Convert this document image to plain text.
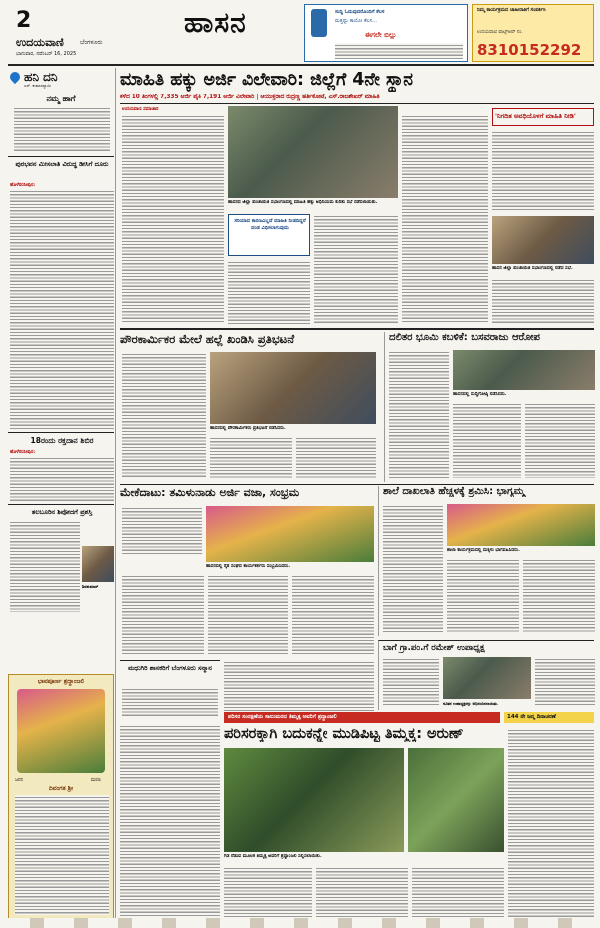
2
ಉದಯವಾಣಿ	ಬೆಂಗಳೂರು
ಭಾನುವಾರ, ನವೆಂಬರ್ 16, 2025
ಹಾಸನ	ಸುದ್ದಿ ಓದುವುದರೊಂದಿಗೆ ಕೆಲಸ
ಮತ್ತಷ್ಟು ಕಾಯೋ ಕೆಲಸ...
ಈಗಲೇ ಬಿಲ್ಲು
ನಿಮ್ಮ ಕಾರ್ಯಕ್ರಮದ ಜಾಹೀರಾತಿಗೆ ಸಂಪರ್ಕಿಸಿ
ಉದಯವಾಣಿ ವಾಟ್ಸ್ಆಪ್ ನಂ.
8310152292
ಹನಿ ದನಿ
ಎಸ್. ಕುಮಾರಸ್ವಾಮಿ
ನಮ್ಮ ಹಾಗೆ
ಪುರಭವನ ಮೀಸಲಾತಿ ವಿರುದ್ಧ ಡೀಸಿಗೆ ದೂರು
ಹೊಳೆನರಸೀಪುರ:
18ರಂದು ರಕ್ತದಾನ ಶಿಬಿರ
ಹೊಳೆನರಸೀಪುರ:
ತಲಬೂರಿನ ಶಿವೋದಗೆ ಪ್ರಶಸ್ತಿ
ಶಿವಕುಮಾರ್
ಭಾವಪೂರ್ಣ ಶ್ರದ್ಧಾಂಜಲಿ
ಜನನ	ಮರಣ
ದಿವಂಗತ ಶ್ರೀ
ಮಾಹಿತಿ ಹಕ್ಕು ಅರ್ಜಿ ವಿಲೇವಾರಿ: ಜಿಲ್ಲೆಗೆ 4ನೇ ಸ್ಥಾನ
ಕಳೆದ 10 ತಿಂಗಳಲ್ಲಿ 7,335 ಅರ್ಜಿ ಪೈಕಿ 7,191 ಅರ್ಜಿ ವಿಲೇವಾರಿ | ಆಯುಕ್ತರಾದ ರುದ್ರಣ್ಣ ಹರ್ತಿಕೋಟೆ, ಎಸ್.ರಾಜಶೇಖರ್ ಮಾಹಿತಿ
ಉದಯವಾಣಿ ಸಮಾಚಾರ
ಹಾಸನದ ಜಿಲ್ಲಾ ಪಂಚಾಯಿತಿ ಸಭಾಂಗಣದಲ್ಲಿ ಮಾಹಿತಿ ಹಕ್ಕು ಅಧಿನಿಯಮ ಕುರಿತು ಸಭೆ ನಡೆಸಲಾಯಿತು.
ಸರಿಯಾದ ಕಾರಣವಿಲ್ಲದೆ ಮಾಹಿತಿ ನೀಡದಿದ್ದರೆ ದಂಡ ವಿಧಿಸಲಾಗುವುದು
'ನಿಗದಿತ ಅವಧಿಯೊಳಗೆ ಮಾಹಿತಿ ನೀಡಿ'
ಹಾಸನ ಜಿಲ್ಲಾ ಪಂಚಾಯಿತಿ ಸಭಾಂಗಣದಲ್ಲಿ ನಡೆದ ಸಭೆ.
ಪೌರಕಾರ್ಮಿಕರ ಮೇಲೆ ಹಲ್ಲೆ ಖಂಡಿಸಿ ಪ್ರತಿಭಟನೆ
ಹಾಸನದಲ್ಲಿ ಪೌರಕಾರ್ಮಿಕರು ಪ್ರತಿಭಟನೆ ನಡೆಸಿದರು.
ದಲಿತರ ಭೂಮಿ ಕಬಳಿಕೆ: ಬಸವರಾಜು ಆರೋಪ
ಹಾಸನದಲ್ಲಿ ಸುದ್ದಿಗೋಷ್ಠಿ ನಡೆಸಿದರು.
ಮೇಕೆದಾಟು: ತಮಿಳುನಾಡು ಅರ್ಜಿ ವಜಾ, ಸಂಭ್ರಮ
ಹಾಸನದಲ್ಲಿ ರೈತ ಸಂಘದ ಕಾರ್ಯಕರ್ತರು ಸಂಭ್ರಮಿಸಿದರು.
ಶಾಲೆ ದಾಖಲಾತಿ ಹೆಚ್ಚಳಕ್ಕೆ ಶ್ರಮಿಸಿ: ಭಾಗ್ಯಮ್ಮ
ಶಾಲಾ ಕಾರ್ಯಕ್ರಮದಲ್ಲಿ ಮಕ್ಕಳು ಭಾಗವಹಿಸಿದರು.
ಬಾಗೆ ಗ್ರಾ.ಪಂ.ಗೆ ರಮೇಶ್ ಉಪಾಧ್ಯಕ್ಷ
ನೂತನ ಉಪಾಧ್ಯಕ್ಷರನ್ನು ಅಭಿನಂದಿಸಲಾಯಿತು.
ಮಧುಗಿರಿ ಶಾಸಕರಿಗೆ ಬೆಂಗಳೂರು ಸನ್ಮಾನ
ಪರಿಸರ ಸಂರಕ್ಷಣೆಯ ಸಾಲುಮರದ ತಿಮ್ಮಕ್ಕ ಅವರಿಗೆ ಶ್ರದ್ಧಾಂಜಲಿ	144 ನೇ ಜನ್ಮ ದಿನಾಚರಣೆ
ಪರಿಸರಕ್ಕಾಗಿ ಬದುಕನ್ನೇ ಮುಡಿಪಿಟ್ಟ ತಿಮ್ಮಕ್ಕ: ಅರುಣ್
ಗಿಡ ನೆಡುವ ಮೂಲಕ ತಿಮ್ಮಕ್ಕ ಅವರಿಗೆ ಶ್ರದ್ಧಾಂಜಲಿ ಸಲ್ಲಿಸಲಾಯಿತು.
